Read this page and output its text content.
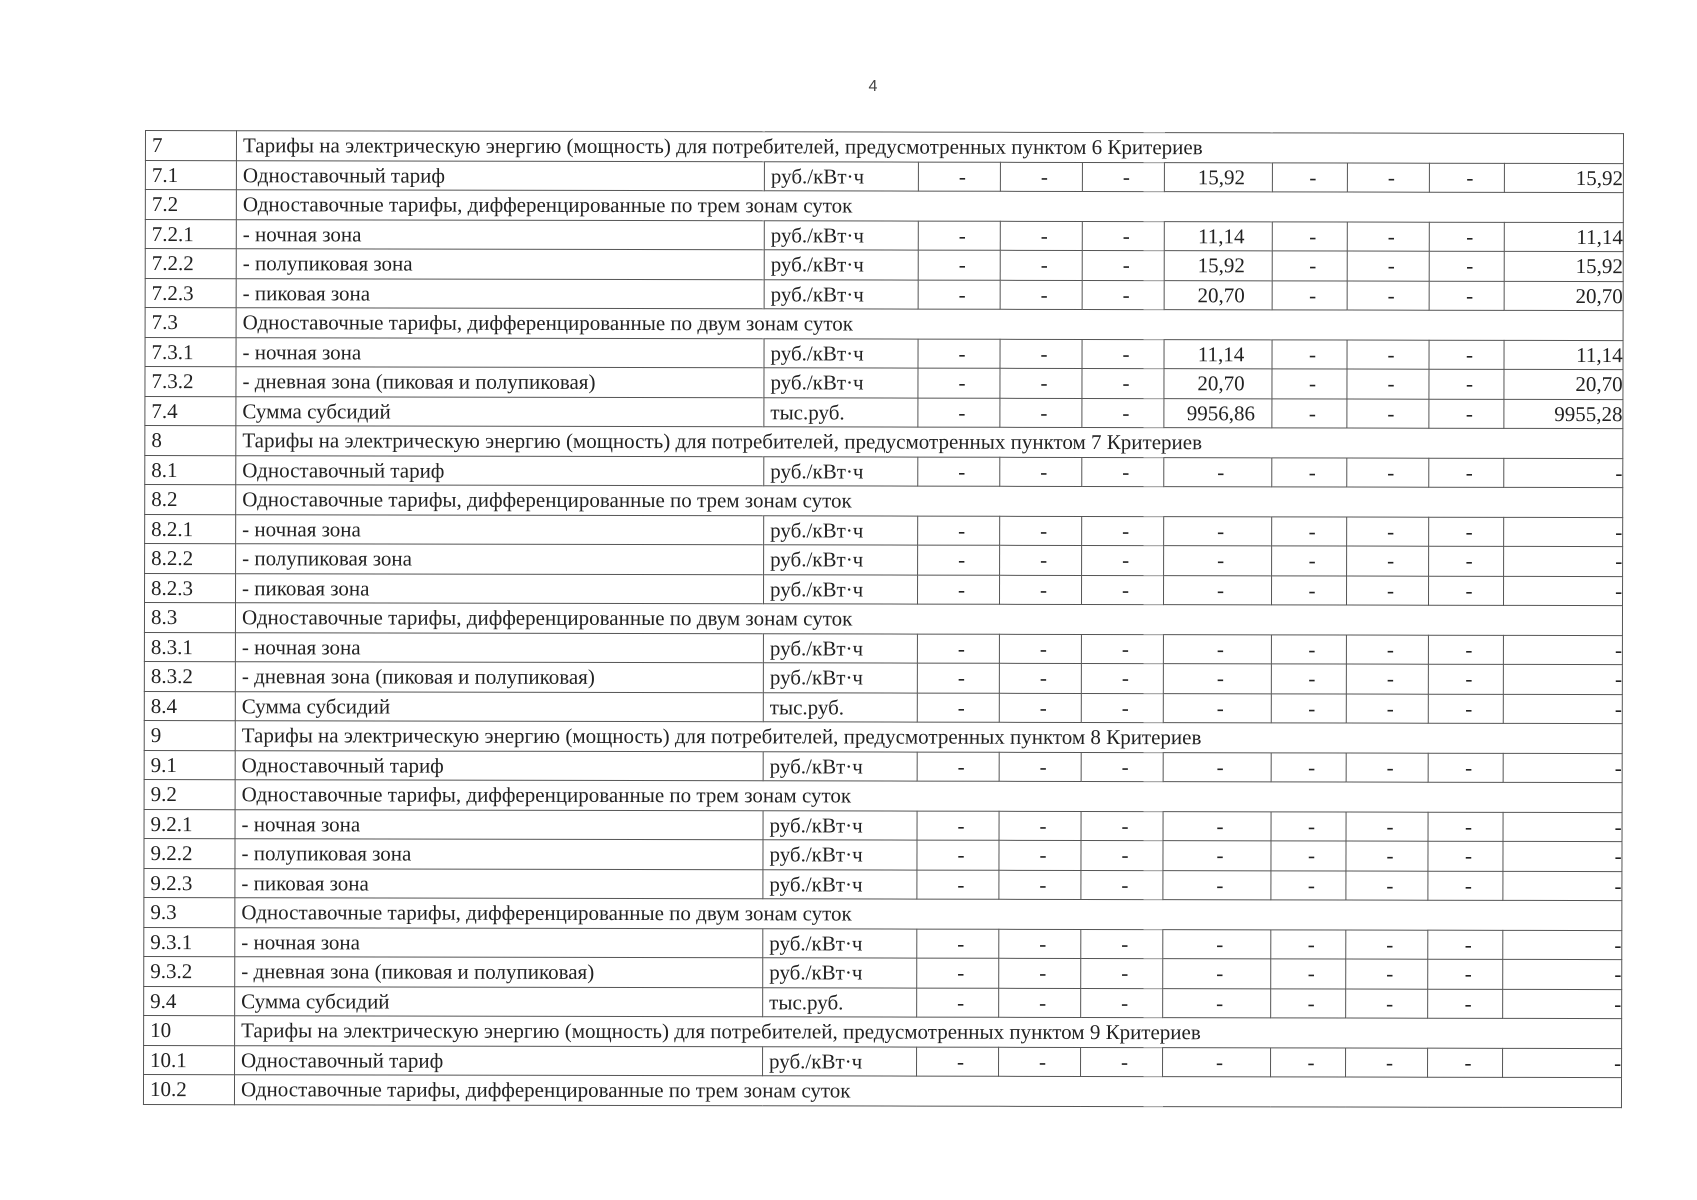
4
7	Тарифы на электрическую энергию (мощность) для потребителей, предусмотренных пунктом 6 Критериев									
7.1	Одноставочный тариф	руб./кВт·ч	-	-	-	15,92	-	-	-	15,92
7.2	Одноставочные тарифы, дифференцированные по трем зонам суток									
7.2.1	- ночная зона	руб./кВт·ч	-	-	-	11,14	-	-	-	11,14
7.2.2	- полупиковая зона	руб./кВт·ч	-	-	-	15,92	-	-	-	15,92
7.2.3	- пиковая зона	руб./кВт·ч	-	-	-	20,70	-	-	-	20,70
7.3	Одноставочные тарифы, дифференцированные по двум зонам суток									
7.3.1	- ночная зона	руб./кВт·ч	-	-	-	11,14	-	-	-	11,14
7.3.2	- дневная зона (пиковая и полупиковая)	руб./кВт·ч	-	-	-	20,70	-	-	-	20,70
7.4	Сумма субсидий	тыс.руб.	-	-	-	9956,86	-	-	-	9955,28
8	Тарифы на электрическую энергию (мощность) для потребителей, предусмотренных пунктом 7 Критериев									
8.1	Одноставочный тариф	руб./кВт·ч	-	-	-	-	-	-	-	-
8.2	Одноставочные тарифы, дифференцированные по трем зонам суток									
8.2.1	- ночная зона	руб./кВт·ч	-	-	-	-	-	-	-	-
8.2.2	- полупиковая зона	руб./кВт·ч	-	-	-	-	-	-	-	-
8.2.3	- пиковая зона	руб./кВт·ч	-	-	-	-	-	-	-	-
8.3	Одноставочные тарифы, дифференцированные по двум зонам суток									
8.3.1	- ночная зона	руб./кВт·ч	-	-	-	-	-	-	-	-
8.3.2	- дневная зона (пиковая и полупиковая)	руб./кВт·ч	-	-	-	-	-	-	-	-
8.4	Сумма субсидий	тыс.руб.	-	-	-	-	-	-	-	-
9	Тарифы на электрическую энергию (мощность) для потребителей, предусмотренных пунктом 8 Критериев									
9.1	Одноставочный тариф	руб./кВт·ч	-	-	-	-	-	-	-	-
9.2	Одноставочные тарифы, дифференцированные по трем зонам суток									
9.2.1	- ночная зона	руб./кВт·ч	-	-	-	-	-	-	-	-
9.2.2	- полупиковая зона	руб./кВт·ч	-	-	-	-	-	-	-	-
9.2.3	- пиковая зона	руб./кВт·ч	-	-	-	-	-	-	-	-
9.3	Одноставочные тарифы, дифференцированные по двум зонам суток									
9.3.1	- ночная зона	руб./кВт·ч	-	-	-	-	-	-	-	-
9.3.2	- дневная зона (пиковая и полупиковая)	руб./кВт·ч	-	-	-	-	-	-	-	-
9.4	Сумма субсидий	тыс.руб.	-	-	-	-	-	-	-	-
10	Тарифы на электрическую энергию (мощность) для потребителей, предусмотренных пунктом 9 Критериев									
10.1	Одноставочный тариф	руб./кВт·ч	-	-	-	-	-	-	-	-
10.2	Одноставочные тарифы, дифференцированные по трем зонам суток									
